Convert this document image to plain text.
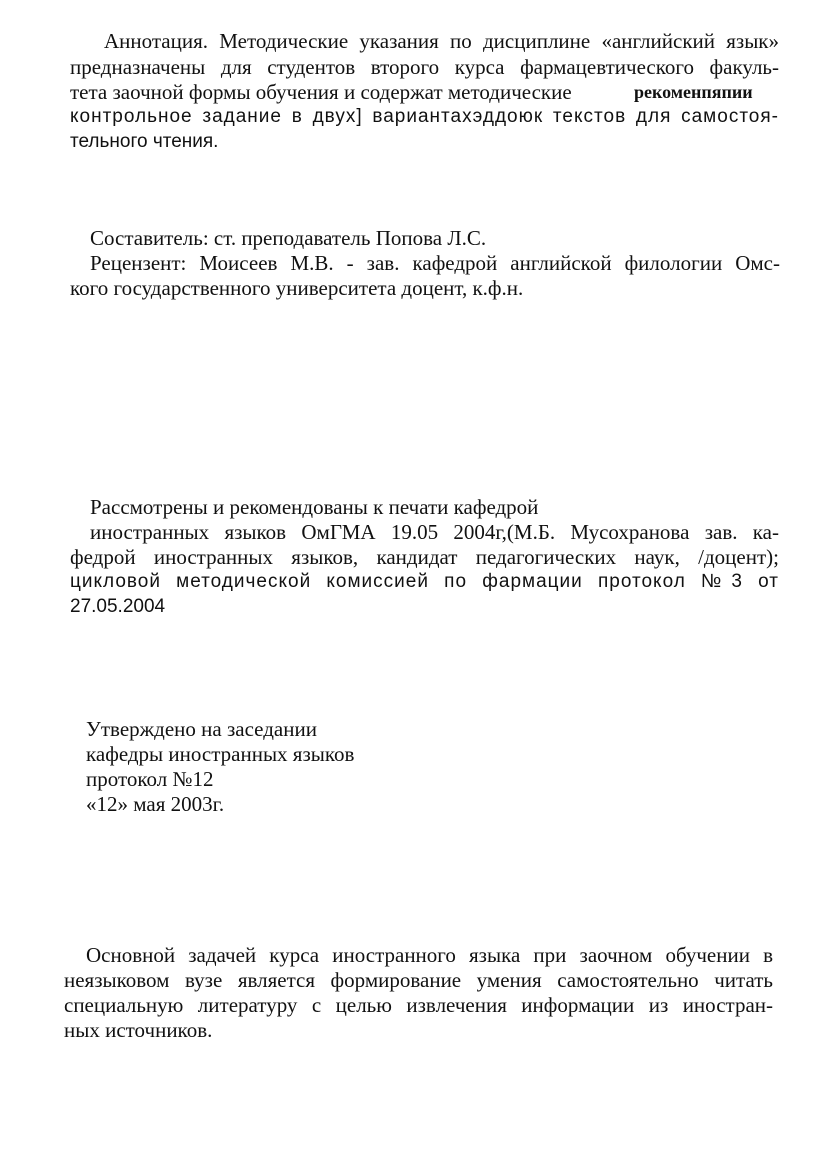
Аннотация. Методические указания по дисциплине «английский язык»
предназначены для студентов второго курса фармацевтического факуль-
тета заочной формы обучения и содержат методические	рекоменпяпии
контрольное задание в двух] вариантахэддоюк текстов для самостоя-
тельного чтения.
Составитель: ст. преподаватель Попова Л.С.
Рецензент: Моисеев М.В. - зав. кафедрой английской филологии Омс-
кого государственного университета доцент, к.ф.н.
Рассмотрены и рекомендованы к печати кафедрой
иностранных языков ОмГМА 19.05 2004г,(М.Б. Мусохранова зав. ка-
федрой иностранных языков, кандидат педагогических наук, /доцент);
цикловой методической комиссией по фармации протокол №3 от
27.05.2004
Утверждено на заседании
кафедры иностранных языков
протокол №12
«12» мая 2003г.
Основной задачей курса иностранного языка при заочном обучении в
неязыковом вузе является формирование умения самостоятельно читать
специальную литературу с целью извлечения информации из иностран-
ных источников.
